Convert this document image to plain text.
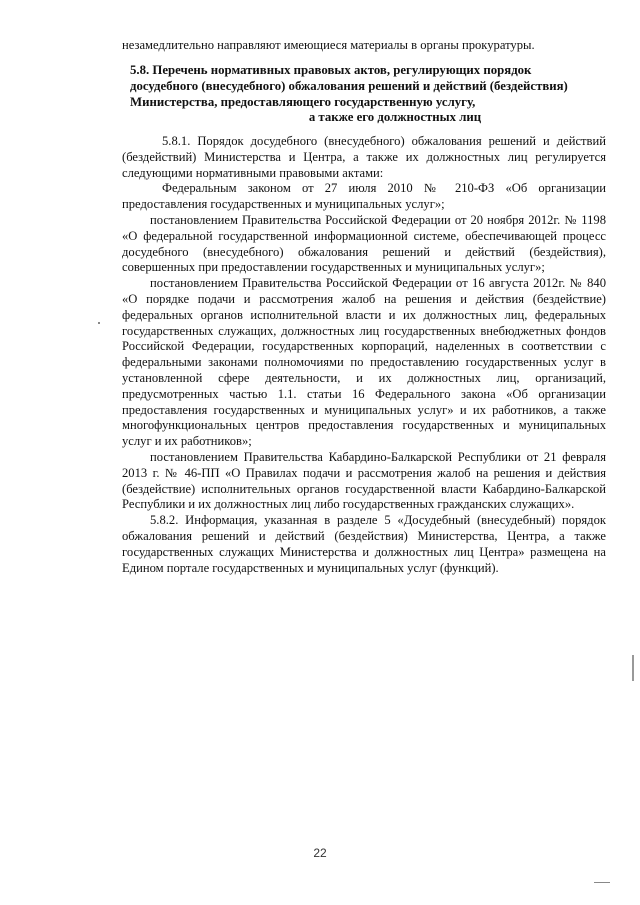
незамедлительно направляют имеющиеся материалы в органы прокуратуры.
5.8. Перечень нормативных правовых актов, регулирующих порядок
досудебного (внесудебного) обжалования решений и действий (бездействия)
Министерства, предоставляющего государственную услугу,
а также его должностных лиц

5.8.1. Порядок досудебного (внесудебного) обжалования решений и действий (бездействий) Министерства и Центра, а также их должностных лиц регулируется следующими нормативными правовыми актами:

Федеральным законом от 27 июля 2010 № 210-ФЗ «Об организации предоставления государственных и муниципальных услуг»;

постановлением Правительства Российской Федерации от 20 ноября 2012г. № 1198 «О федеральной государственной информационной системе, обеспечивающей процесс досудебного (внесудебного) обжалования решений и действий (бездействия), совершенных при предоставлении государственных и муниципальных услуг»;

постановлением Правительства Российской Федерации от 16 августа 2012г. № 840 «О порядке подачи и рассмотрения жалоб на решения и действия (бездействие) федеральных органов исполнительной власти и их должностных лиц, федеральных государственных служащих, должностных лиц государственных внебюджетных фондов Российской Федерации, государственных корпораций, наделенных в соответствии с федеральными законами полномочиями по предоставлению государственных услуг в установленной сфере деятельности, и их должностных лиц, организаций, предусмотренных частью 1.1. статьи 16 Федерального закона «Об организации предоставления государственных и муниципальных услуг» и их работников, а также многофункциональных центров предоставления государственных и муниципальных услуг и их работников»;

постановлением Правительства Кабардино-Балкарской Республики от 21 февраля 2013 г. № 46-ПП «О Правилах подачи и рассмотрения жалоб на решения и действия (бездействие) исполнительных органов государственной власти Кабардино-Балкарской Республики и их должностных лиц либо государственных гражданских служащих».

5.8.2. Информация, указанная в разделе 5 «Досудебный (внесудебный) порядок обжалования решений и действий (бездействия) Министерства, Центра, а также государственных служащих Министерства и должностных лиц Центра» размещена на Едином портале государственных и муниципальных услуг (функций).

22
